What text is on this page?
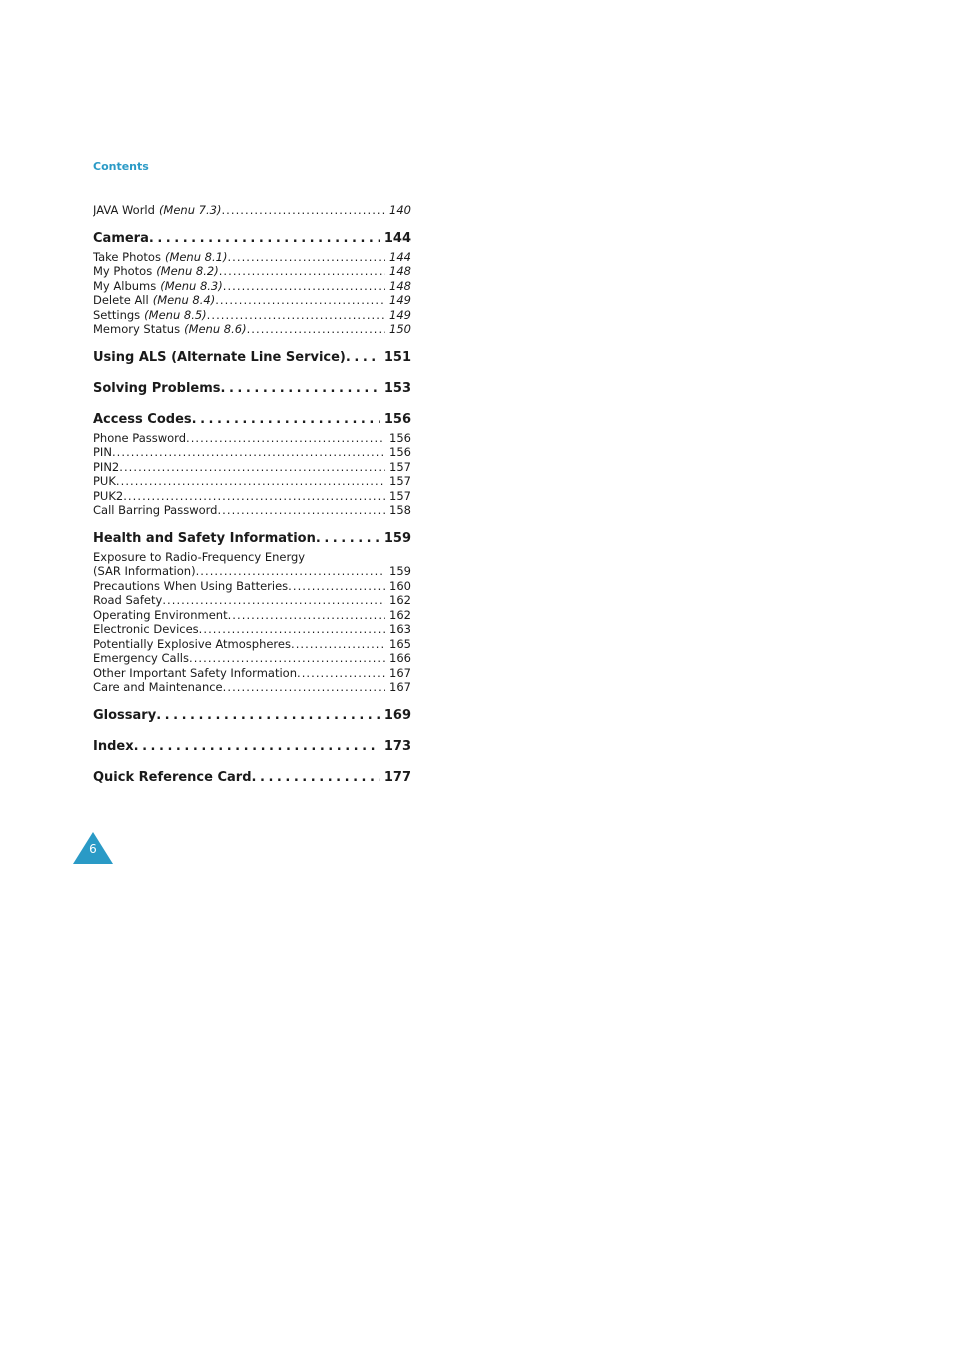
Contents
JAVA World (Menu 7.3) . . .	140
Camera . . .	144
Take Photos (Menu 8.1) . . .	144
My Photos (Menu 8.2) . . .	148
My Albums (Menu 8.3) . . .	148
Delete All (Menu 8.4) . . .	149
Settings (Menu 8.5) . . .	149
Memory Status (Menu 8.6) . . .	150
Using ALS (Alternate Line Service) . . .	151
Solving Problems . . .	153
Access Codes . . .	156
Phone Password . . .	156
PIN . . .	156
PIN2 . . .	157
PUK . . .	157
PUK2 . . .	157
Call Barring Password . . .	158
Health and Safety Information . . .	159
Exposure to Radio-Frequency Energy
(SAR Information) . . .	159
Precautions When Using Batteries . . .	160
Road Safety . . .	162
Operating Environment . . .	162
Electronic Devices . . .	163
Potentially Explosive Atmospheres . . .	165
Emergency Calls . . .	166
Other Important Safety Information . . .	167
Care and Maintenance . . .	167
Glossary . . .	169
Index . . .	173
Quick Reference Card . . .	177
6
